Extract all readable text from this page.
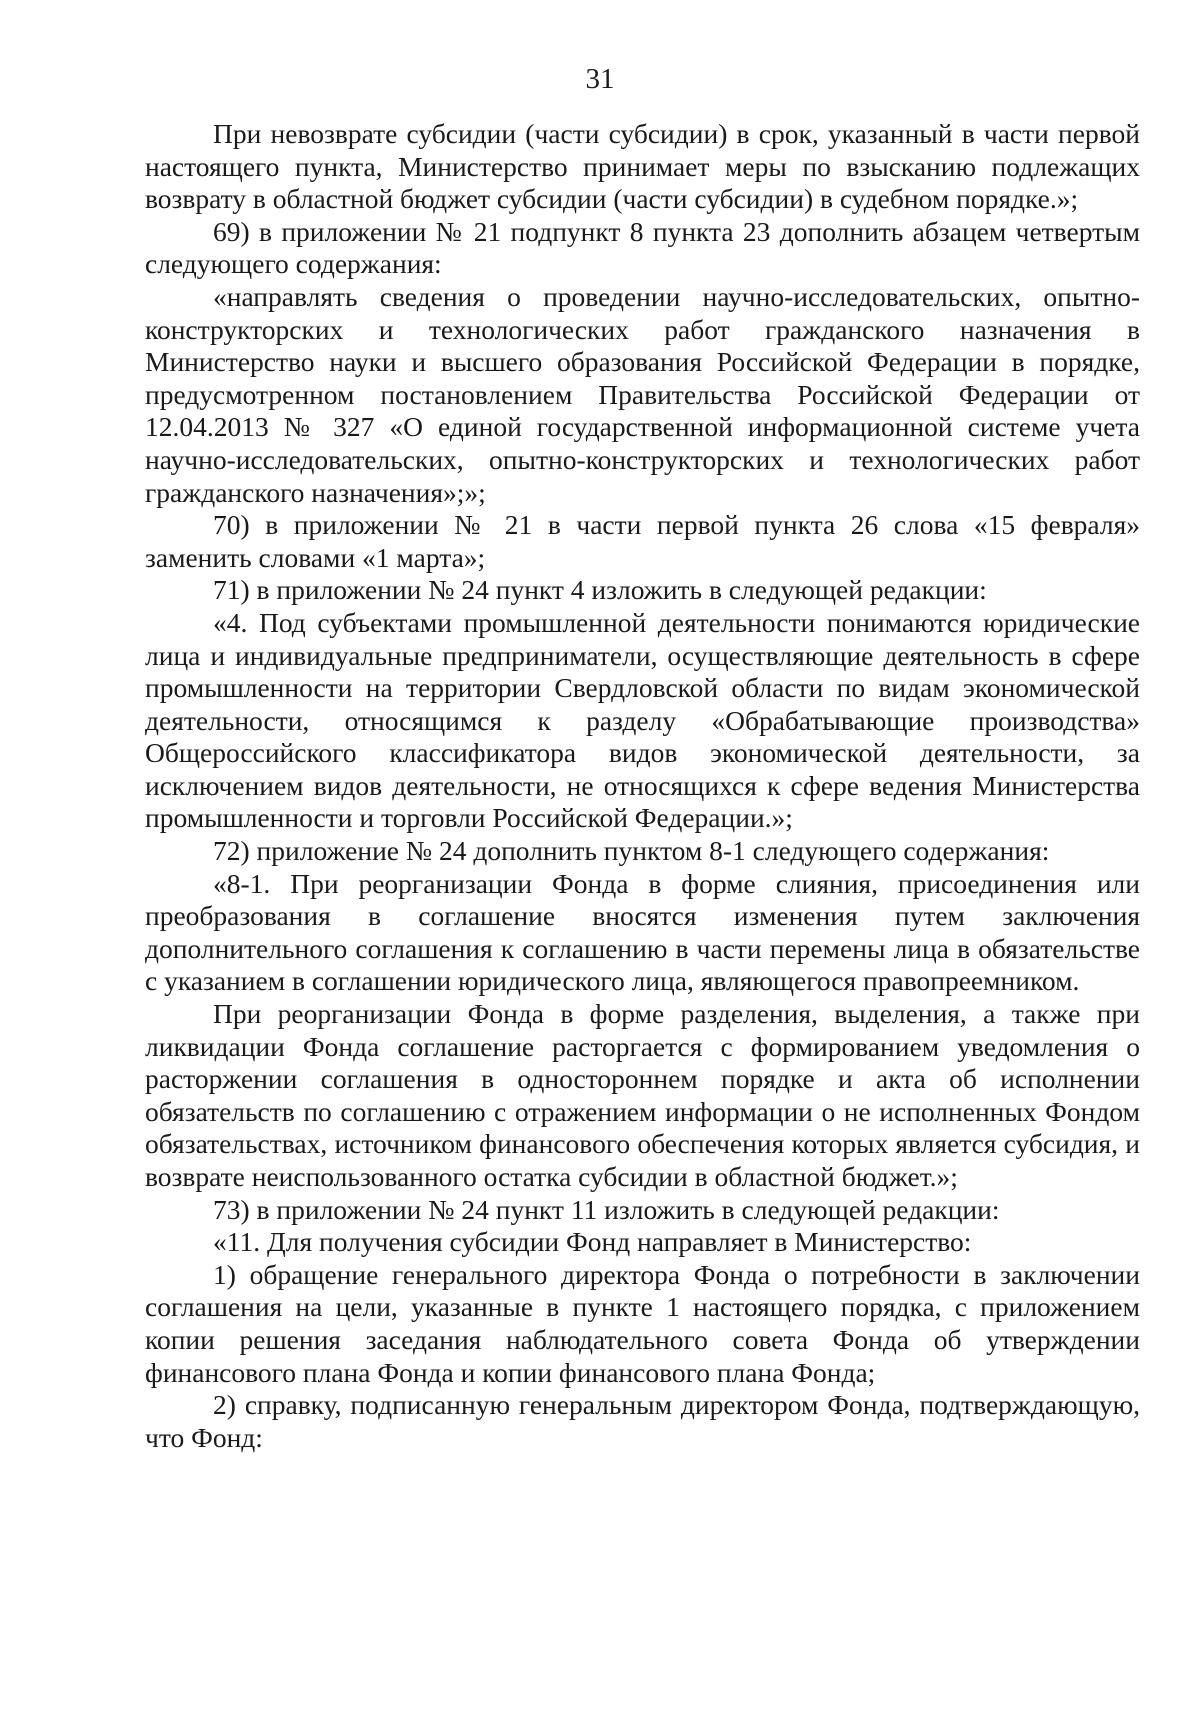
31

При невозврате субсидии (части субсидии) в срок, указанный в части первой настоящего пункта, Министерство принимает меры по взысканию подлежащих возврату в областной бюджет субсидии (части субсидии) в судебном порядке.»;

69) в приложении № 21 подпункт 8 пункта 23 дополнить абзацем четвертым следующего содержания:

«направлять сведения о проведении научно-исследовательских, опытно-конструкторских и технологических работ гражданского назначения в Министерство науки и высшего образования Российской Федерации в порядке, предусмотренном постановлением Правительства Российской Федерации от 12.04.2013 № 327 «О единой государственной информационной системе учета научно-исследовательских, опытно-конструкторских и технологических работ гражданского назначения»;»;

70) в приложении № 21 в части первой пункта 26 слова «15 февраля» заменить словами «1 марта»;

71) в приложении № 24 пункт 4 изложить в следующей редакции:

«4. Под субъектами промышленной деятельности понимаются юридические лица и индивидуальные предприниматели, осуществляющие деятельность в сфере промышленности на территории Свердловской области по видам экономической деятельности, относящимся к разделу «Обрабатывающие производства» Общероссийского классификатора видов экономической деятельности, за исключением видов деятельности, не относящихся к сфере ведения Министерства промышленности и торговли Российской Федерации.»;

72) приложение № 24 дополнить пунктом 8-1 следующего содержания:

«8-1. При реорганизации Фонда в форме слияния, присоединения или преобразования в соглашение вносятся изменения путем заключения дополнительного соглашения к соглашению в части перемены лица в обязательстве с указанием в соглашении юридического лица, являющегося правопреемником.

При реорганизации Фонда в форме разделения, выделения, а также при ликвидации Фонда соглашение расторгается с формированием уведомления о расторжении соглашения в одностороннем порядке и акта об исполнении обязательств по соглашению с отражением информации о не исполненных Фондом обязательствах, источником финансового обеспечения которых является субсидия, и возврате неиспользованного остатка субсидии в областной бюджет.»;

73) в приложении № 24 пункт 11 изложить в следующей редакции:

«11. Для получения субсидии Фонд направляет в Министерство:

1) обращение генерального директора Фонда о потребности в заключении соглашения на цели, указанные в пункте 1 настоящего порядка, с приложением копии решения заседания наблюдательного совета Фонда об утверждении финансового плана Фонда и копии финансового плана Фонда;

2) справку, подписанную генеральным директором Фонда, подтверждающую, что Фонд:
